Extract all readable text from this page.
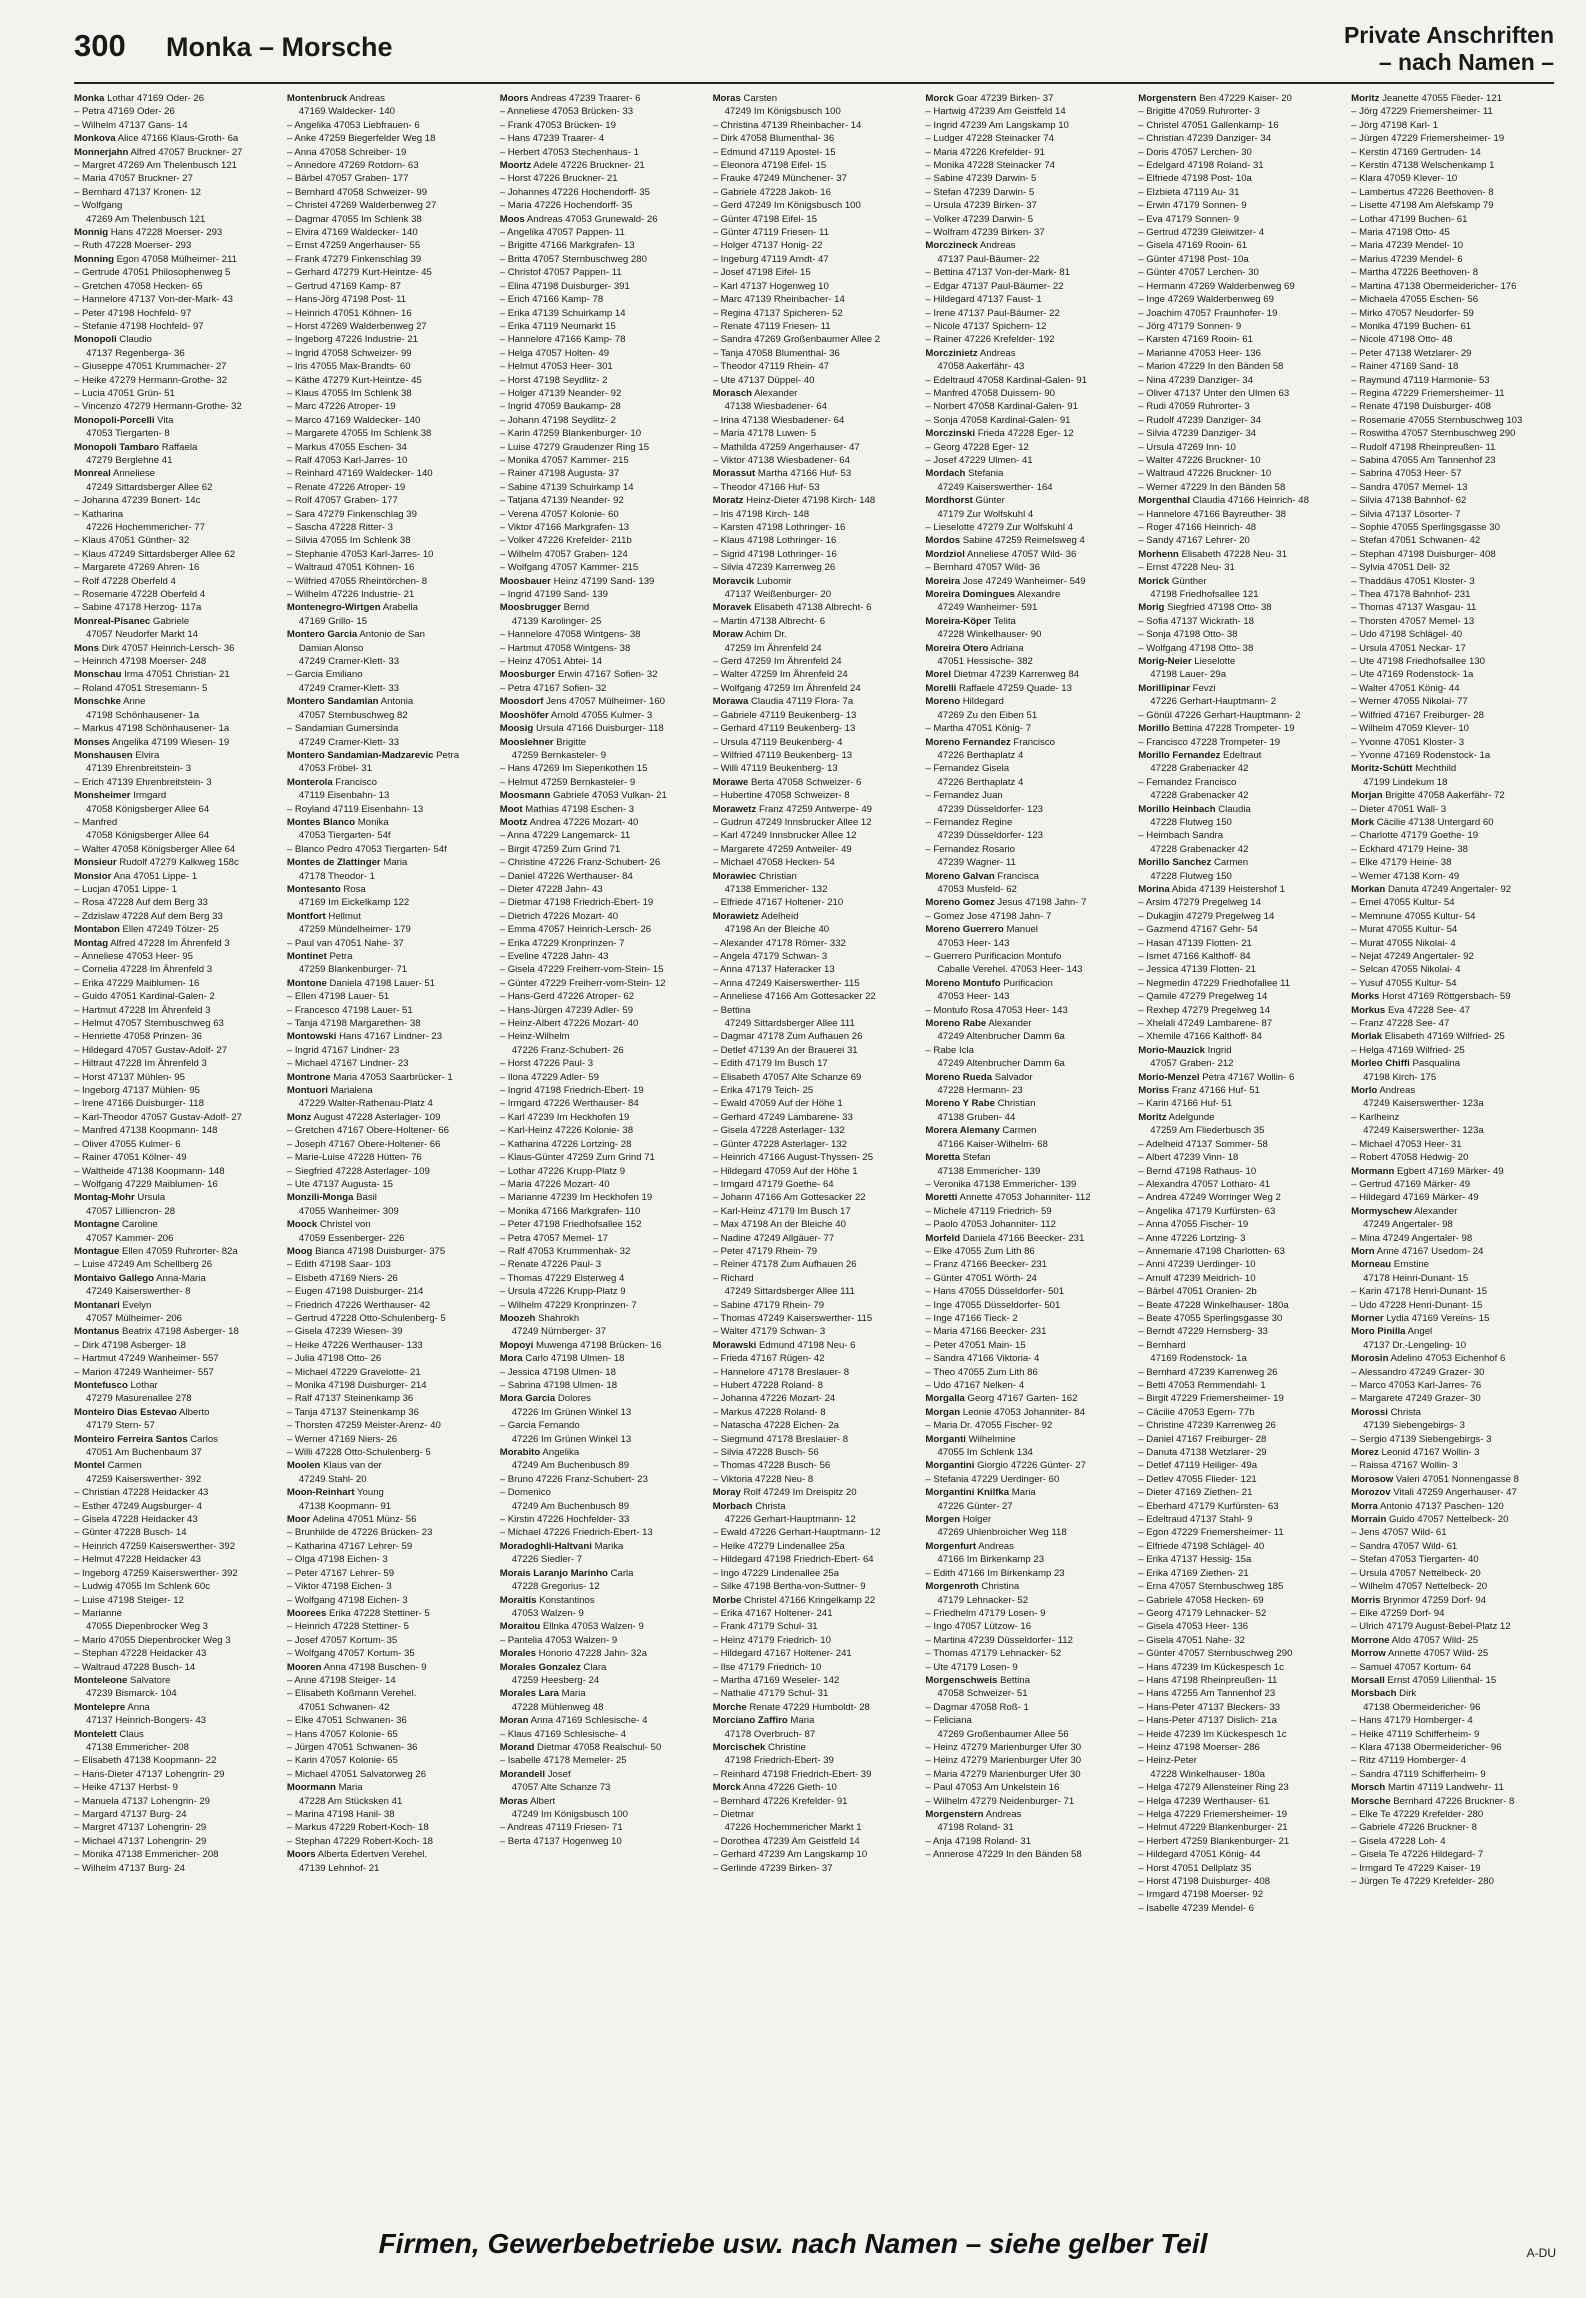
300 Monka – Morsche	Private Anschriften
– nach Namen –
Monka Lothar 47169 Oder- 26
– Petra 47169 Oder- 26
– Wilhelm 47137 Gans- 14
Monkova Alice 47166 Klaus-Groth- 6a
Monnerjahn Alfred 47057 Bruckner- 27
– Margret 47269 Am Thelenbusch 121
– Maria 47057 Bruckner- 27
– Bernhard 47137 Kronen- 12
– Wolfgang
47269 Am Thelenbusch 121
Monnig Hans 47228 Moerser- 293
– Ruth 47228 Moerser- 293
Monning Egon 47058 Mülheimer- 211
– Gertrude 47051 Philosophenweg 5
– Gretchen 47058 Hecken- 65
– Hannelore 47137 Von-der-Mark- 43
– Peter 47198 Hochfeld- 97
– Stefanie 47198 Hochfeld- 97
Monopoli Claudio
47137 Regenberga- 36
– Giuseppe 47051 Krummacher- 27
– Heike 47279 Hermann-Grothe- 32
– Lucia 47051 Grün- 51
– Vincenzo 47279 Hermann-Grothe- 32
Monopoli-Porcelli Vita
47053 Tiergarten- 8
Monopoli Tambaro Raffaela
47279 Berglehne 41
Monreal Anneliese
47249 Sittardsberger Allee 62
– Johanna 47239 Bonert- 14c
– Katharina
47226 Hochemmericher- 77
– Klaus 47051 Günther- 32
– Klaus 47249 Sittardsberger Allee 62
– Margarete 47269 Ahren- 16
– Rolf 47228 Oberfeld 4
– Rosemarie 47228 Oberfeld 4
– Sabine 47178 Herzog- 117a
Monreal-Pisanec Gabriele
47057 Neudorfer Markt 14
Mons Dirk 47057 Heinrich-Lersch- 36
– Heinrich 47198 Moerser- 248
Monschau Irma 47051 Christian- 21
– Roland 47051 Stresemann- 5
Monschke Anne
47198 Schönhausener- 1a
– Markus 47198 Schönhausener- 1a
Monses Angelika 47199 Wiesen- 19
Monshausen Elvira
47139 Ehrenbreitstein- 3
– Erich 47139 Ehrenbreitstein- 3
Monsheimer Irmgard
47058 Königsberger Allee 64
– Manfred
47058 Königsberger Allee 64
– Walter 47058 Königsberger Allee 64
Monsieur Rudolf 47279 Kalkweg 158c
Monsior Ana 47051 Lippe- 1
– Lucjan 47051 Lippe- 1
– Rosa 47228 Auf dem Berg 33
– Zdzislaw 47228 Auf dem Berg 33
Montabon Ellen 47249 Tölzer- 25
Montag Alfred 47228 Im Ährenfeld 3
– Anneliese 47053 Heer- 95
– Cornelia 47228 Im Ährenfeld 3
– Erika 47229 Maiblumen- 16
– Guido 47051 Kardinal-Galen- 2
– Hartmut 47228 Im Ährenfeld 3
– Helmut 47057 Sternbuschweg 63
– Henriette 47058 Prinzen- 36
– Hildegard 47057 Gustav-Adolf- 27
– Hiltraut 47228 Im Ährenfeld 3
– Horst 47137 Mühlen- 95
– Ingeborg 47137 Mühlen- 95
– Irene 47166 Duisburger- 118
– Karl-Theodor 47057 Gustav-Adolf- 27
– Manfred 47138 Koopmann- 148
– Oliver 47055 Kulmer- 6
– Rainer 47051 Kölner- 49
– Waltheide 47138 Koopmann- 148
– Wolfgang 47229 Maiblumen- 16
Montag-Mohr Ursula
47057 Lilliencron- 28
Montagne Caroline
47057 Kammer- 206
Montague Ellen 47059 Ruhrorter- 82a
– Luise 47249 Am Schellberg 26
Montaivo Gallego Anna-Maria
47249 Kaiserswerther- 8
Montanari Evelyn
47057 Mülheimer- 206
Montanus Beatrix 47198 Asberger- 18
– Dirk 47198 Asberger- 18
– Hartmut 47249 Wanheimer- 557
– Marion 47249 Wanheimer- 557
Montefusco Lothar
47279 Masurenallee 278
Monteiro Dias Estevao Alberto
47179 Stern- 57
Monteiro Ferreira Santos Carlos
47051 Am Buchenbaum 37
Montel Carmen
47259 Kaiserswerther- 392
– Christian 47228 Heidacker 43
– Esther 47249 Augsburger- 4
– Gisela 47228 Heidacker 43
– Günter 47228 Busch- 14
– Heinrich 47259 Kaiserswerther- 392
– Helmut 47228 Heidacker 43
– Ingeborg 47259 Kaiserswerther- 392
– Ludwig 47055 Im Schlenk 60c
– Luise 47198 Steiger- 12
– Marianne
47055 Diepenbrocker Weg 3
– Mario 47055 Diepenbrocker Weg 3
– Stephan 47228 Heidacker 43
– Waltraud 47228 Busch- 14
Monteleone Salvatore
47239 Bismarck- 104
Montelepre Anna
47137 Heinrich-Bongers- 43
Montelett Claus
47138 Emmericher- 208
– Elisabeth 47138 Koopmann- 22
– Hans-Dieter 47137 Lohengrin- 29
– Heike 47137 Herbst- 9
– Manuela 47137 Lohengrin- 29
– Margard 47137 Burg- 24
– Margret 47137 Lohengrin- 29
– Michael 47137 Lohengrin- 29
– Monika 47138 Emmericher- 208
– Wilhelm 47137 Burg- 24
Montenbruck Andreas
47169 Waldecker- 140
– Angelika 47053 Liebfrauen- 6
– Anke 47259 Biegerfelder Weg 18
– Anna 47058 Schreiber- 19
– Annedore 47269 Rotdorn- 63
– Bärbel 47057 Graben- 177
– Bernhard 47058 Schweizer- 99
– Christel 47269 Walderbenweg 27
– Dagmar 47055 Im Schlenk 38
– Elvira 47169 Waldecker- 140
– Ernst 47259 Angerhauser- 55
– Frank 47279 Finkenschlag 39
– Gerhard 47279 Kurt-Heintze- 45
– Gertrud 47169 Kamp- 87
– Hans-Jörg 47198 Post- 11
– Heinrich 47051 Köhnen- 16
– Horst 47269 Walderbenweg 27
– Ingeborg 47226 Industrie- 21
– Ingrid 47058 Schweizer- 99
– Iris 47055 Max-Brandts- 60
– Käthe 47279 Kurt-Heintze- 45
– Klaus 47055 Im Schlenk 38
– Marc 47226 Atroper- 19
– Marco 47169 Waldecker- 140
– Margarete 47055 Im Schlenk 38
– Markus 47055 Eschen- 34
– Ralf 47053 Karl-Jarres- 10
– Reinhard 47169 Waldecker- 140
– Renate 47226 Atroper- 19
– Rolf 47057 Graben- 177
– Sara 47279 Finkenschlag 39
– Sascha 47228 Ritter- 3
– Silvia 47055 Im Schlenk 38
– Stephanie 47053 Karl-Jarres- 10
– Waltraud 47051 Köhnen- 16
– Wilfried 47055 Rheintörchen- 8
– Wilhelm 47226 Industrie- 21
Montenegro-Wirtgen Arabella
47169 Grillo- 15
Montero Garcia Antonio de San
Damian Alonso
47249 Cramer-Klett- 33
– Garcia Emiliano
47249 Cramer-Klett- 33
Montero Sandamian Antonia
47057 Sternbuschweg 82
– Sandamian Gumersinda
47249 Cramer-Klett- 33
Montero Sandamian-Madzarevic Petra
47053 Fröbel- 31
Monterola Francisco
47119 Eisenbahn- 13
– Royland 47119 Eisenbahn- 13
Montes Blanco Monika
47053 Tiergarten- 54f
– Blanco Pedro 47053 Tiergarten- 54f
Montes de Zlattinger Maria
47178 Theodor- 1
Montesanto Rosa
47169 Im Eickelkamp 122
Montfort Hellmut
47259 Mündelheimer- 179
– Paul van 47051 Nahe- 37
Montinet Petra
47259 Blankenburger- 71
Montone Daniela 47198 Lauer- 51
– Ellen 47198 Lauer- 51
– Francesco 47198 Lauer- 51
– Tanja 47198 Margarethen- 38
Montowski Hans 47167 Lindner- 23
– Ingrid 47167 Lindner- 23
– Michael 47167 Lindner- 23
Montrone Maria 47053 Saarbrücker- 1
Montuori Marialena
47229 Walter-Rathenau-Platz 4
Monz August 47228 Asterlager- 109
– Gretchen 47167 Obere-Holtener- 66
– Joseph 47167 Obere-Holtener- 66
– Marie-Luise 47228 Hütten- 76
– Siegfried 47228 Asterlager- 109
– Ute 47137 Augusta- 15
Monzili-Monga Basil
47055 Wanheimer- 309
Moock Christel von
47059 Essenberger- 226
Moog Bianca 47198 Duisburger- 375
– Edith 47198 Saar- 103
– Elsbeth 47169 Niers- 26
– Eugen 47198 Duisburger- 214
– Friedrich 47226 Werthauser- 42
– Gertrud 47228 Otto-Schulenberg- 5
– Gisela 47239 Wiesen- 39
– Heike 47226 Werthauser- 133
– Julia 47198 Otto- 26
– Michael 47229 Gravelotte- 21
– Monika 47198 Duisburger- 214
– Ralf 47137 Steinenkamp 36
– Tanja 47137 Steinenkamp 36
– Thorsten 47259 Meister-Arenz- 40
– Werner 47169 Niers- 26
– Willi 47228 Otto-Schulenberg- 5
Moolen Klaus van der
47249 Stahl- 20
Moon-Reinhart Young
47138 Koopmann- 91
Moor Adelina 47051 Münz- 56
– Brunhilde de 47226 Brücken- 23
– Katharina 47167 Lehrer- 59
– Olga 47198 Eichen- 3
– Peter 47167 Lehrer- 59
– Viktor 47198 Eichen- 3
– Wolfgang 47198 Eichen- 3
Moorees Erika 47228 Stettiner- 5
– Heinrich 47228 Stettiner- 5
– Josef 47057 Kortum- 35
– Wolfgang 47057 Kortum- 35
Mooren Anna 47198 Buschen- 9
– Anne 47198 Steiger- 14
– Elisabeth Koßmann Verehel.
47051 Schwanen- 42
– Elke 47051 Schwanen- 36
– Hans 47057 Kolonie- 65
– Jürgen 47051 Schwanen- 36
– Karin 47057 Kolonie- 65
– Michael 47051 Salvatorweg 26
Moormann Maria
47228 Am Stücksken 41
– Marina 47198 Hanil- 38
– Markus 47229 Robert-Koch- 18
– Stephan 47229 Robert-Koch- 18
Moors Alberta Edertven Verehel.
47139 Lehnhof- 21
Moors Andreas 47239 Traarer- 6
– Anneliese 47053 Brücken- 33
– Frank 47053 Brücken- 19
– Hans 47239 Traarer- 4
– Herbert 47053 Stechenhaus- 1
Moortz Adele 47226 Bruckner- 21
– Horst 47226 Bruckner- 21
– Johannes 47226 Hochendorff- 35
– Maria 47226 Hochendorff- 35
Moos Andreas 47053 Grunewald- 26
– Angelika 47057 Pappen- 11
– Brigitte 47166 Markgrafen- 13
– Britta 47057 Sternbuschweg 280
– Christof 47057 Pappen- 11
– Elina 47198 Duisburger- 391
– Erich 47166 Kamp- 78
– Erika 47139 Schuirkamp 14
– Erika 47119 Neumarkt 15
– Hannelore 47166 Kamp- 78
– Helga 47057 Holten- 49
– Helmut 47053 Heer- 301
– Horst 47198 Seydlitz- 2
– Holger 47139 Neander- 92
– Ingrid 47059 Baukamp- 28
– Johann 47198 Seydlitz- 2
– Karin 47259 Blankenburger- 10
– Luise 47279 Graudenzer Ring 15
– Monika 47057 Kammer- 215
– Rainer 47198 Augusta- 37
– Sabine 47139 Schuirkamp 14
– Tatjana 47139 Neander- 92
– Verena 47057 Kolonie- 60
– Viktor 47166 Markgrafen- 13
– Volker 47226 Krefelder- 211b
– Wilhelm 47057 Graben- 124
– Wolfgang 47057 Kammer- 215
Moosbauer Heinz 47199 Sand- 139
– Ingrid 47199 Sand- 139
Moosbrugger Bernd
47139 Karolinger- 25
– Hannelore 47058 Wintgens- 38
– Hartmut 47058 Wintgens- 38
– Heinz 47051 Abtei- 14
Moosburger Erwin 47167 Sofien- 32
– Petra 47167 Sofien- 32
Moosdorf Jens 47057 Mülheimer- 160
Mooshöfer Arnold 47055 Kulmer- 3
Moosig Ursula 47166 Duisburger- 118
Mooslehner Brigitte
47259 Bernkasteler- 9
– Hans 47269 Im Siepenkothen 15
– Helmut 47259 Bernkasteler- 9
Moosmann Gabriele 47053 Vulkan- 21
Moot Mathias 47198 Eschen- 3
Mootz Andrea 47226 Mozart- 40
– Anna 47229 Langemarck- 11
– Birgit 47259 Zum Grind 71
– Christine 47226 Franz-Schubert- 26
– Daniel 47226 Werthauser- 84
– Dieter 47228 Jahn- 43
– Dietmar 47198 Friedrich-Ebert- 19
– Dietrich 47226 Mozart- 40
– Emma 47057 Heinrich-Lersch- 26
– Erika 47229 Kronprinzen- 7
– Eveline 47228 Jahn- 43
– Gisela 47229 Freiherr-vom-Stein- 15
– Günter 47229 Freiherr-vom-Stein- 12
– Hans-Gerd 47226 Atroper- 62
– Hans-Jürgen 47239 Adler- 59
– Heinz-Albert 47226 Mozart- 40
– Heinz-Wilhelm
47226 Franz-Schubert- 26
– Horst 47226 Paul- 3
– Ilona 47229 Adler- 59
– Ingrid 47198 Friedrich-Ebert- 19
– Irmgard 47226 Werthauser- 84
– Karl 47239 Im Heckhofen 19
– Karl-Heinz 47226 Kolonie- 38
– Katharina 47226 Lortzing- 28
– Klaus-Günter 47259 Zum Grind 71
– Lothar 47226 Krupp-Platz 9
– Maria 47226 Mozart- 40
– Marianne 47239 Im Heckhofen 19
– Monika 47166 Markgrafen- 110
– Peter 47198 Friedhofsallee 152
– Petra 47057 Memel- 17
– Ralf 47053 Krummenhak- 32
– Renate 47226 Paul- 3
– Thomas 47229 Elsterweg 4
– Ursula 47226 Krupp-Platz 9
– Wilhelm 47229 Kronprinzen- 7
Moozeh Shahrokh
47249 Nürnberger- 37
Mopoyi Muwenga 47198 Brücken- 16
Mora Carlo 47198 Ulmen- 18
– Jessica 47198 Ulmen- 18
– Sabrina 47198 Ulmen- 18
Mora Garcia Dolores
47226 Im Grünen Winkel 13
– Garcia Fernando
47226 Im Grünen Winkel 13
Morabito Angelika
47249 Am Buchenbusch 89
– Bruno 47226 Franz-Schubert- 23
– Domenico
47249 Am Buchenbusch 89
– Kirstin 47226 Hochfelder- 33
– Michael 47226 Friedrich-Ebert- 13
Moradoghli-Haltvani Marika
47226 Siedler- 7
Morais Laranjo Marinho Carla
47228 Gregorius- 12
Moraitis Konstantinos
47053 Walzen- 9
Moraitou Ellnka 47053 Walzen- 9
– Pantelia 47053 Walzen- 9
Morales Honorio 47228 Jahn- 32a
Morales Gonzalez Clara
47259 Heesberg- 24
Morales Lara Maria
47228 Mühlenweg 48
Moran Anna 47169 Schlesische- 4
– Klaus 47169 Schlesische- 4
Morand Dietmar 47058 Realschul- 50
– Isabelle 47178 Memeler- 25
Morandell Josef
47057 Alte Schanze 73
Moras Albert
47249 Im Königsbusch 100
– Andreas 47119 Friesen- 71
– Berta 47137 Hogenweg 10
Moras Carsten
47249 Im Königsbusch 100
– Christina 47139 Rheinbacher- 14
– Dirk 47058 Blumenthal- 36
– Edmund 47119 Apostel- 15
– Eleonora 47198 Eifel- 15
– Frauke 47249 Münchener- 37
– Gabriele 47228 Jakob- 16
– Gerd 47249 Im Königsbusch 100
– Günter 47198 Eifel- 15
– Günter 47119 Friesen- 11
– Holger 47137 Honig- 22
– Ingeburg 47119 Arndt- 47
– Josef 47198 Eifel- 15
– Karl 47137 Hogenweg 10
– Marc 47139 Rheinbacher- 14
– Regina 47137 Spicheren- 52
– Renate 47119 Friesen- 11
– Sandra 47269 Großenbaumer Allee 2
– Tanja 47058 Blumenthal- 36
– Theodor 47119 Rhein- 47
– Ute 47137 Düppel- 40
Morasch Alexander
47138 Wiesbadener- 64
– Irina 47138 Wiesbadener- 64
– Maria 47178 Luwen- 5
– Mathilda 47259 Angerhauser- 47
– Viktor 47138 Wiesbadener- 64
Morassut Martha 47166 Huf- 53
– Theodor 47166 Huf- 53
Moratz Heinz-Dieter 47198 Kirch- 148
– Iris 47198 Kirch- 148
– Karsten 47198 Lothringer- 16
– Klaus 47198 Lothringer- 16
– Sigrid 47198 Lothringer- 16
– Silvia 47239 Karrenweg 26
Moravcik Lubomir
47137 Weißenburger- 20
Moravek Elisabeth 47138 Albrecht- 6
– Martin 47138 Albrecht- 6
Moraw Achim Dr.
47259 Im Ährenfeld 24
– Gerd 47259 Im Ährenfeld 24
– Walter 47259 Im Ährenfeld 24
– Wolfgang 47259 Im Ährenfeld 24
Morawa Claudia 47119 Flora- 7a
– Gabriele 47119 Beukenberg- 13
– Gerhard 47119 Beukenberg- 13
– Ursula 47119 Beukenberg- 4
– Wilfried 47119 Beukenberg- 13
– Willi 47119 Beukenberg- 13
Morawe Berta 47058 Schweizer- 6
– Hubertine 47058 Schweizer- 8
Morawetz Franz 47259 Antwerpe- 49
– Gudrun 47249 Innsbrucker Allee 12
– Karl 47249 Innsbrucker Allee 12
– Margarete 47259 Antweiler- 49
– Michael 47058 Hecken- 54
Morawiec Christian
47138 Emmericher- 132
– Elfriede 47167 Holtener- 210
Morawietz Adelheid
47198 An der Bleiche 40
– Alexander 47178 Römer- 332
– Angela 47179 Schwan- 3
– Anna 47137 Haferacker 13
– Anna 47249 Kaiserswerther- 115
– Anneliese 47166 Am Gottesacker 22
– Bettina
47249 Sittardsberger Allee 111
– Dagmar 47178 Zum Aufhauen 26
– Detlef 47139 An der Brauerei 31
– Edith 47179 Im Busch 17
– Elisabeth 47057 Alte Schanze 69
– Erika 47179 Teich- 25
– Ewald 47059 Auf der Höhe 1
– Gerhard 47249 Lambarene- 33
– Gisela 47228 Asterlager- 132
– Günter 47228 Asterlager- 132
– Heinrich 47166 August-Thyssen- 25
– Hildegard 47059 Auf der Höhe 1
– Irmgard 47179 Goethe- 64
– Johann 47166 Am Gottesacker 22
– Karl-Heinz 47179 Im Busch 17
– Max 47198 An der Bleiche 40
– Nadine 47249 Allgäuer- 77
– Peter 47179 Rhein- 79
– Reiner 47178 Zum Aufhauen 26
– Richard
47249 Sittardsberger Allee 111
– Sabine 47179 Rhein- 79
– Thomas 47249 Kaiserswerther- 115
– Walter 47179 Schwan- 3
Morawski Edmund 47198 Neu- 6
– Frieda 47167 Rügen- 42
– Hannelore 47178 Breslauer- 8
– Hubert 47228 Roland- 8
– Johanna 47226 Mozart- 24
– Markus 47228 Roland- 8
– Natascha 47228 Eichen- 2a
– Siegmund 47178 Breslauer- 8
– Silvia 47228 Busch- 56
– Thomas 47228 Busch- 56
– Viktoria 47228 Neu- 8
Moray Rolf 47249 Im Dreispitz 20
Morbach Christa
47226 Gerhart-Hauptmann- 12
– Ewald 47226 Gerhart-Hauptmann- 12
– Heike 47279 Lindenallee 25a
– Hildegard 47198 Friedrich-Ebert- 64
– Ingo 47229 Lindenallee 25a
– Silke 47198 Bertha-von-Suttner- 9
Morbe Christel 47166 Kringelkamp 22
– Erika 47167 Holtener- 241
– Frank 47179 Schul- 31
– Heinz 47179 Friedrich- 10
– Hildegard 47167 Holtener- 241
– Ilse 47179 Friedrich- 10
– Martha 47169 Weseler- 142
– Nathalie 47179 Schul- 31
Morche Renate 47229 Humboldt- 28
Morciano Zaffiro Maria
47178 Overbruch- 87
Morcischek Christine
47198 Friedrich-Ebert- 39
– Reinhard 47198 Friedrich-Ebert- 39
Morck Anna 47226 Gieth- 10
– Bernhard 47226 Krefelder- 91
– Dietmar
47226 Hochemmericher Markt 1
– Dorothea 47239 Am Geistfeld 14
– Gerhard 47239 Am Langskamp 10
– Gerlinde 47239 Birken- 37
Morck Goar 47239 Birken- 37
– Hartwig 47239 Am Geistfeld 14
– Ingrid 47239 Am Langskamp 10
– Ludger 47228 Steinacker 74
– Maria 47226 Krefelder- 91
– Monika 47228 Steinacker 74
– Sabine 47239 Darwin- 5
– Stefan 47239 Darwin- 5
– Ursula 47239 Birken- 37
– Volker 47239 Darwin- 5
– Wolfram 47239 Birken- 37
Morczineck Andreas
47137 Paul-Bäumer- 22
– Bettina 47137 Von-der-Mark- 81
– Edgar 47137 Paul-Bäumer- 22
– Hildegard 47137 Faust- 1
– Irene 47137 Paul-Bäumer- 22
– Nicole 47137 Spichern- 12
– Rainer 47226 Krefelder- 192
Morczinietz Andreas
47058 Aakerfähr- 43
– Edeltraud 47058 Kardinal-Galen- 91
– Manfred 47058 Duissern- 90
– Norbert 47058 Kardinal-Galen- 91
– Sonja 47058 Kardinal-Galen- 91
Morczinski Frieda 47228 Eger- 12
– Georg 47228 Eger- 12
– Josef 47229 Ulmen- 41
Mordach Stefania
47249 Kaiserswerther- 164
Mordhorst Günter
47179 Zur Wolfskuhl 4
– Lieselotte 47279 Zur Wolfskuhl 4
Mordos Sabine 47259 Reimelsweg 4
Mordziol Anneliese 47057 Wild- 36
– Bernhard 47057 Wild- 36
Moreira Jose 47249 Wanheimer- 549
Moreira Domingues Alexandre
47249 Wanheimer- 591
Moreira-Köper Telita
47228 Winkelhauser- 90
Moreira Otero Adriana
47051 Hessische- 382
Morel Dietmar 47239 Karrenweg 84
Morelli Raffaele 47259 Quade- 13
Moreno Hildegard
47269 Zu den Eiben 51
– Martha 47051 König- 7
Moreno Fernandez Francisco
47226 Berthaplatz 4
– Fernandez Gisela
47226 Berthaplatz 4
– Fernandez Juan
47239 Düsseldorfer- 123
– Fernandez Regine
47239 Düsseldorfer- 123
– Fernandez Rosario
47239 Wagner- 11
Moreno Galvan Francisca
47053 Musfeld- 62
Moreno Gomez Jesus 47198 Jahn- 7
– Gomez Jose 47198 Jahn- 7
Moreno Guerrero Manuel
47053 Heer- 143
– Guerrero Purificacion Montufo
Caballe Verehel. 47053 Heer- 143
Moreno Montufo Purificacion
47053 Heer- 143
– Montufo Rosa 47053 Heer- 143
Moreno Rabe Alexander
47249 Altenbrucher Damm 6a
– Rabe Icla
47249 Altenbrucher Damm 6a
Moreno Rueda Salvador
47228 Hermann- 23
Moreno Y Rabe Christian
47138 Gruben- 44
Morera Alemany Carmen
47166 Kaiser-Wilhelm- 68
Moretta Stefan
47138 Emmericher- 139
– Veronika 47138 Emmericher- 139
Moretti Annette 47053 Johanniter- 112
– Michele 47119 Friedrich- 59
– Paolo 47053 Johanniter- 112
Morfeld Daniela 47166 Beecker- 231
– Elke 47055 Zum Lith 86
– Franz 47166 Beecker- 231
– Günter 47051 Wörth- 24
– Hans 47055 Düsseldorfer- 501
– Inge 47055 Düsseldorfer- 501
– Inge 47166 Tieck- 2
– Maria 47166 Beecker- 231
– Peter 47051 Main- 15
– Sandra 47166 Viktoria- 4
– Theo 47055 Zum Lith 86
– Udo 47167 Nelken- 4
Morgalla Georg 47167 Garten- 162
Morgan Leonie 47053 Johanniter- 84
– Maria Dr. 47055 Fischer- 92
Morganti Wilhelmine
47055 Im Schlenk 134
Morgantini Giorgio 47226 Günter- 27
– Stefania 47229 Uerdinger- 60
Morgantini Knilfka Maria
47226 Günter- 27
Morgen Holger
47269 Uhlenbroicher Weg 118
Morgenfurt Andreas
47166 Im Birkenkamp 23
– Edith 47166 Im Birkenkamp 23
Morgenroth Christina
47179 Lehnacker- 52
– Friedhelm 47179 Losen- 9
– Ingo 47057 Lützow- 16
– Martina 47239 Düsseldorfer- 112
– Thomas 47179 Lehnacker- 52
– Ute 47179 Losen- 9
Morgenschweis Bettina
47058 Schweizer- 51
– Dagmar 47058 Roß- 1
– Feliciana
47269 Großenbaumer Allee 56
– Heinz 47279 Marienburger Ufer 30
– Heinz 47279 Marienburger Ufer 30
– Maria 47279 Marienburger Ufer 30
– Paul 47053 Am Unkelstein 16
– Wilhelm 47279 Neidenburger- 71
Morgenstern Andreas
47198 Roland- 31
– Anja 47198 Roland- 31
– Annerose 47229 In den Bänden 58
Morgenstern Ben 47229 Kaiser- 20
– Brigitte 47059 Ruhrorter- 3
– Christel 47051 Gallenkamp- 16
– Christian 47239 Danziger- 34
– Doris 47057 Lerchen- 30
– Edelgard 47198 Roland- 31
– Elfriede 47198 Post- 10a
– Elzbieta 47119 Au- 31
– Erwin 47179 Sonnen- 9
– Eva 47179 Sonnen- 9
– Gertrud 47239 Gleiwitzer- 4
– Gisela 47169 Rooin- 61
– Günter 47198 Post- 10a
– Günter 47057 Lerchen- 30
– Hermann 47269 Walderbenweg 69
– Inge 47269 Walderbenweg 69
– Joachim 47057 Fraunhofer- 19
– Jörg 47179 Sonnen- 9
– Karsten 47169 Rooin- 61
– Marianne 47053 Heer- 136
– Marion 47229 In den Bänden 58
– Nina 47239 Danziger- 34
– Oliver 47137 Unter den Ulmen 63
– Rudi 47059 Ruhrorter- 3
– Rudolf 47239 Danziger- 34
– Silvia 47239 Danziger- 34
– Ursula 47269 Inn- 10
– Walter 47226 Bruckner- 10
– Waltraud 47226 Bruckner- 10
– Werner 47229 In den Bänden 58
Morgenthal Claudia 47166 Heinrich- 48
– Hannelore 47166 Bayreuther- 38
– Roger 47166 Heinrich- 48
– Sandy 47167 Lehrer- 20
Morhenn Elisabeth 47228 Neu- 31
– Ernst 47228 Neu- 31
Morick Günther
47198 Friedhofsallee 121
Morig Siegfried 47198 Otto- 38
– Sofia 47137 Wickrath- 18
– Sonja 47198 Otto- 38
– Wolfgang 47198 Otto- 38
Morig-Neier Lieselotte
47198 Lauer- 29a
Morillipinar Fevzi
47226 Gerhart-Hauptmann- 2
– Gönül 47226 Gerhart-Hauptmann- 2
Morillo Bettina 47228 Trompeter- 19
– Francisco 47228 Trompeter- 19
Morillo Fernandez Edeltraut
47228 Grabenacker 42
– Fernandez Francisco
47228 Grabenacker 42
Morillo Heinbach Claudia
47228 Flutweg 150
– Heimbach Sandra
47228 Grabenacker 42
Morillo Sanchez Carmen
47228 Flutweg 150
Morina Abida 47139 Heistershof 1
– Arsim 47279 Pregelweg 14
– Dukagjin 47279 Pregelweg 14
– Gazmend 47167 Gehr- 54
– Hasan 47139 Flotten- 21
– Ismet 47166 Kalthoff- 84
– Jessica 47139 Flotten- 21
– Negmedin 47229 Friedhofallee 11
– Qamile 47279 Pregelweg 14
– Rexhep 47279 Pregelweg 14
– Xhelali 47249 Lambarene- 87
– Xhemile 47166 Kalthoff- 84
Morio-Mauzick Ingrid
47057 Graben- 212
Morio-Menzel Petra 47167 Wollin- 6
Moriss Franz 47166 Huf- 51
– Karin 47166 Huf- 51
Moritz Adelgunde
47259 Am Fliederbusch 35
– Adelheid 47137 Sommer- 58
– Albert 47239 Vinn- 18
– Bernd 47198 Rathaus- 10
– Alexandra 47057 Lotharo- 41
– Andrea 47249 Worringer Weg 2
– Angelika 47179 Kurfürsten- 63
– Anna 47055 Fischer- 19
– Anne 47226 Lortzing- 3
– Annemarie 47198 Charlotten- 63
– Anni 47239 Uerdinger- 10
– Arnulf 47239 Meidrich- 10
– Bärbel 47051 Oranien- 2b
– Beate 47228 Winkelhauser- 180a
– Beate 47055 Sperlingsgasse 30
– Berndt 47229 Hernsberg- 33
– Bernhard
47169 Rodenstock- 1a
– Bernhard 47239 Karrenweg 26
– Betti 47053 Remmendahl- 1
– Birgit 47229 Friemersheimer- 19
– Cäcilie 47053 Egern- 77b
– Christine 47239 Karrenweg 26
– Daniel 47167 Freiburger- 28
– Danuta 47138 Wetzlarer- 29
– Detlef 47119 Heiliger- 49a
– Detlev 47055 Flieder- 121
– Dieter 47169 Ziethen- 21
– Eberhard 47179 Kurfürsten- 63
– Edeltraud 47137 Stahl- 9
– Egon 47229 Friemersheimer- 11
– Elfriede 47198 Schlägel- 40
– Erika 47137 Hessig- 15a
– Erika 47169 Ziethen- 21
– Erna 47057 Sternbuschweg 185
– Gabriele 47058 Hecken- 69
– Georg 47179 Lehnacker- 52
– Gisela 47053 Heer- 136
– Gisela 47051 Nahe- 32
– Günter 47057 Sternbuschweg 290
– Hans 47239 Im Kückespesch 1c
– Hans 47198 Rheinpreußen- 11
– Hans 47255 Am Tannenhof 23
– Hans-Peter 47137 Bleckers- 33
– Hans-Peter 47137 Dislich- 21a
– Heide 47239 Im Kückespesch 1c
– Heinz 47198 Moerser- 286
– Heinz-Peter
47228 Winkelhauser- 180a
– Helga 47279 Allensteiner Ring 23
– Helga 47239 Werthauser- 61
– Helga 47229 Friemersheimer- 19
– Helmut 47229 Blankenburger- 21
– Herbert 47259 Blankenburger- 21
– Hildegard 47051 König- 44
– Horst 47051 Dellplatz 35
– Horst 47198 Duisburger- 408
– Irmgard 47198 Moerser- 92
– Isabelle 47239 Mendel- 6
Moritz Jeanette 47055 Flieder- 121
– Jörg 47229 Friemersheimer- 11
– Jörg 47198 Karl- 1
– Jürgen 47229 Friemersheimer- 19
– Kerstin 47169 Gertruden- 14
– Kerstin 47138 Welschenkamp 1
– Klara 47059 Klever- 10
– Lambertus 47226 Beethoven- 8
– Lisette 47198 Am Alefskamp 79
– Lothar 47199 Buchen- 61
– Maria 47198 Otto- 45
– Maria 47239 Mendel- 10
– Marius 47239 Mendel- 6
– Martha 47226 Beethoven- 8
– Martina 47138 Obermeidericher- 176
– Michaela 47055 Eschen- 56
– Mirko 47057 Neudorfer- 59
– Monika 47199 Buchen- 61
– Nicole 47198 Otto- 48
– Peter 47138 Wetzlarer- 29
– Rainer 47169 Sand- 18
– Raymund 47119 Harmonie- 53
– Regina 47229 Friemersheimer- 11
– Renate 47198 Duisburger- 408
– Rosemarie 47055 Sternbuschweg 103
– Roswitha 47057 Sternbuschweg 290
– Rudolf 47198 Rheinpreußen- 11
– Sabina 47055 Am Tannenhof 23
– Sabrina 47053 Heer- 57
– Sandra 47057 Memel- 13
– Silvia 47138 Bahnhof- 62
– Silvia 47137 Lösorter- 7
– Sophie 47055 Sperlingsgasse 30
– Stefan 47051 Schwanen- 42
– Stephan 47198 Duisburger- 408
– Sylvia 47051 Dell- 32
– Thaddäus 47051 Kloster- 3
– Thea 47178 Bahnhof- 231
– Thomas 47137 Wasgau- 11
– Thorsten 47057 Memel- 13
– Udo 47198 Schlägel- 40
– Ursula 47051 Neckar- 17
– Ute 47198 Friedhofsallee 130
– Ute 47169 Rodenstock- 1a
– Walter 47051 König- 44
– Werner 47055 Nikolai- 77
– Wilfried 47167 Freiburger- 28
– Wilhelm 47059 Klever- 10
– Yvonne 47051 Kloster- 3
– Yvonne 47169 Rodenstock- 1a
Moritz-Schütt Mechthild
47199 Lindekum 18
Morjan Brigitte 47058 Aakerfähr- 72
– Dieter 47051 Wall- 3
Mork Cäcilie 47138 Untergard 60
– Charlotte 47179 Goethe- 19
– Eckhard 47179 Heine- 38
– Elke 47179 Heine- 38
– Werner 47138 Korn- 49
Morkan Danuta 47249 Angertaler- 92
– Emel 47055 Kultur- 54
– Memnune 47055 Kultur- 54
– Murat 47055 Kultur- 54
– Murat 47055 Nikolai- 4
– Nejat 47249 Angertaler- 92
– Selcan 47055 Nikolai- 4
– Yusuf 47055 Kultur- 54
Morks Horst 47169 Röttgersbach- 59
Morkus Eva 47228 See- 47
– Franz 47228 See- 47
Morlak Elisabeth 47169 Wilfried- 25
– Helga 47169 Wilfried- 25
Morleo Chiffi Pasqualina
47198 Kirch- 175
Morlo Andreas
47249 Kaiserswerther- 123a
– Karlheinz
47249 Kaiserswerther- 123a
– Michael 47053 Heer- 31
– Robert 47058 Hedwig- 20
Mormann Egbert 47169 Märker- 49
– Gertrud 47169 Märker- 49
– Hildegard 47169 Märker- 49
Mormyschew Alexander
47249 Angertaler- 98
– Mina 47249 Angertaler- 98
Morn Anne 47167 Usedom- 24
Morneau Ernstine
47178 Heinri-Dunant- 15
– Karin 47178 Henri-Dunant- 15
– Udo 47228 Henri-Dunant- 15
Morner Lydia 47169 Vereins- 15
Moro Pinilla Angel
47137 Dr.-Lengeling- 10
Morosin Adelino 47053 Eichenhof 6
– Alessandro 47249 Grazer- 30
– Marco 47053 Karl-Jarres- 76
– Margarete 47249 Grazer- 30
Morossi Christa
47139 Siebengebirgs- 3
– Sergio 47139 Siebengebirgs- 3
Morez Leonid 47167 Wollin- 3
– Raissa 47167 Wollin- 3
Morosow Valeri 47051 Nonnengasse 8
Morozov Vitali 47259 Angerhauser- 47
Morra Antonio 47137 Paschen- 120
Morrain Guido 47057 Nettelbeck- 20
– Jens 47057 Wild- 61
– Sandra 47057 Wild- 61
– Stefan 47053 Tiergarten- 40
– Ursula 47057 Nettelbeck- 20
– Wilhelm 47057 Nettelbeck- 20
Morris Brynmor 47259 Dorf- 94
– Elke 47259 Dorf- 94
– Ulrich 47179 August-Bebel-Platz 12
Morrone Aldo 47057 Wild- 25
Morrow Annette 47057 Wild- 25
– Samuel 47057 Kortum- 64
Morsall Ernst 47059 Lilienthal- 15
Morsbach Dirk
47138 Obermeidericher- 96
– Hans 47179 Homberger- 4
– Heike 47119 Schifferheim- 9
– Klara 47138 Obermeidericher- 96
– Ritz 47119 Homberger- 4
– Sandra 47119 Schifferheim- 9
Morsch Martin 47119 Landwehr- 11
Morsche Bernhard 47226 Bruckner- 8
– Elke Te 47229 Krefelder- 280
– Gabriele 47226 Bruckner- 8
– Gisela 47228 Loh- 4
– Gisela Te 47226 Hildegard- 7
– Irmgard Te 47229 Kaiser- 19
– Jürgen Te 47229 Krefelder- 280
Firmen, Gewerbebetriebe usw. nach Namen – siehe gelber Teil	A-DU
